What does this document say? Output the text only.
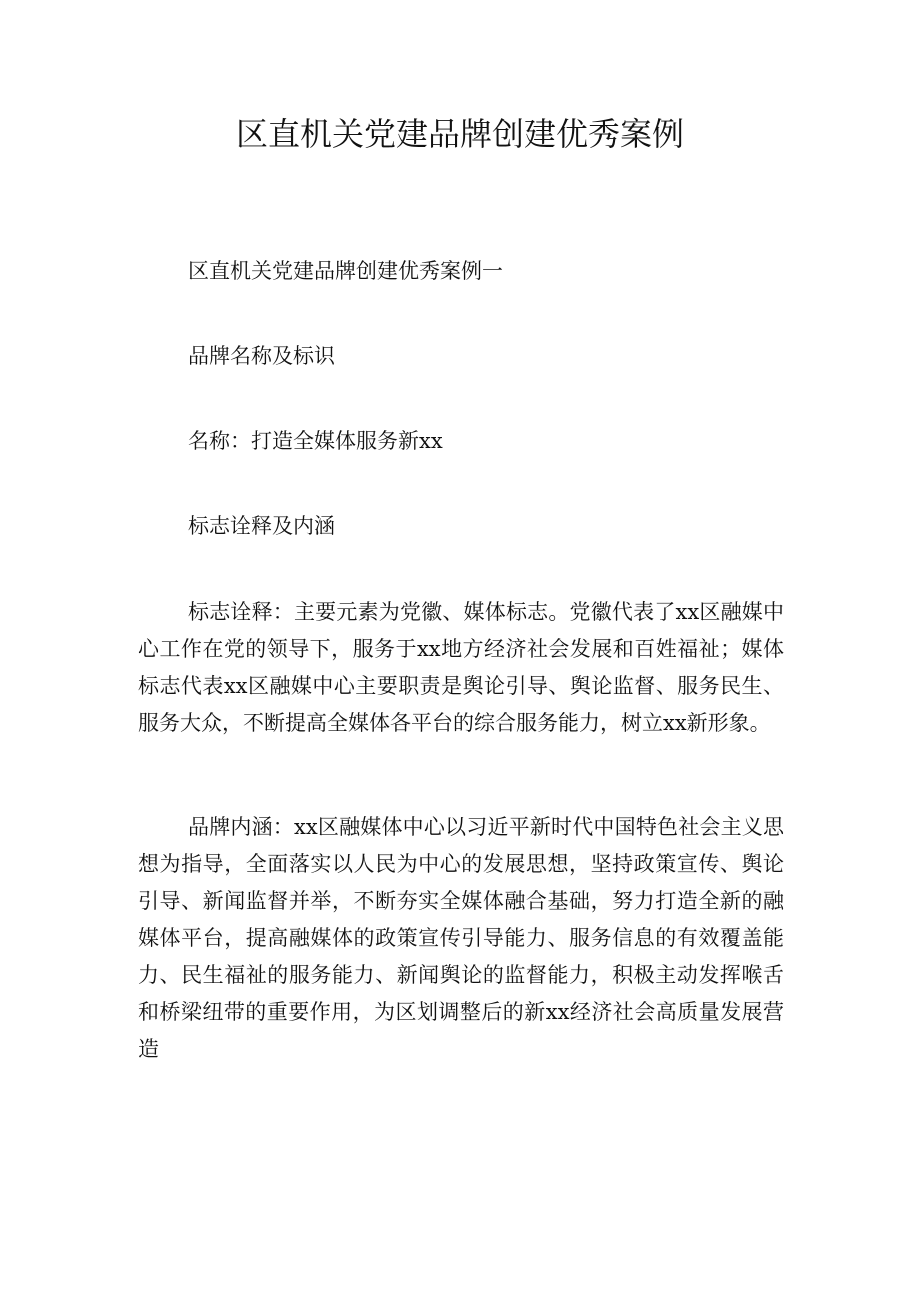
区直机关党建品牌创建优秀案例

区直机关党建品牌创建优秀案例一

品牌名称及标识

名称：打造全媒体服务新xx

标志诠释及内涵

标志诠释：主要元素为党徽、媒体标志。党徽代表了xx区融媒中心工作在党的领导下，服务于xx地方经济社会发展和百姓福祉；媒体标志代表xx区融媒中心主要职责是舆论引导、舆论监督、服务民生、服务大众，不断提高全媒体各平台的综合服务能力，树立xx新形象。

品牌内涵：xx区融媒体中心以习近平新时代中国特色社会主义思想为指导，全面落实以人民为中心的发展思想，坚持政策宣传、舆论引导、新闻监督并举，不断夯实全媒体融合基础，努力打造全新的融媒体平台，提高融媒体的政策宣传引导能力、服务信息的有效覆盖能力、民生福祉的服务能力、新闻舆论的监督能力，积极主动发挥喉舌和桥梁纽带的重要作用，为区划调整后的新xx经济社会高质量发展营造
